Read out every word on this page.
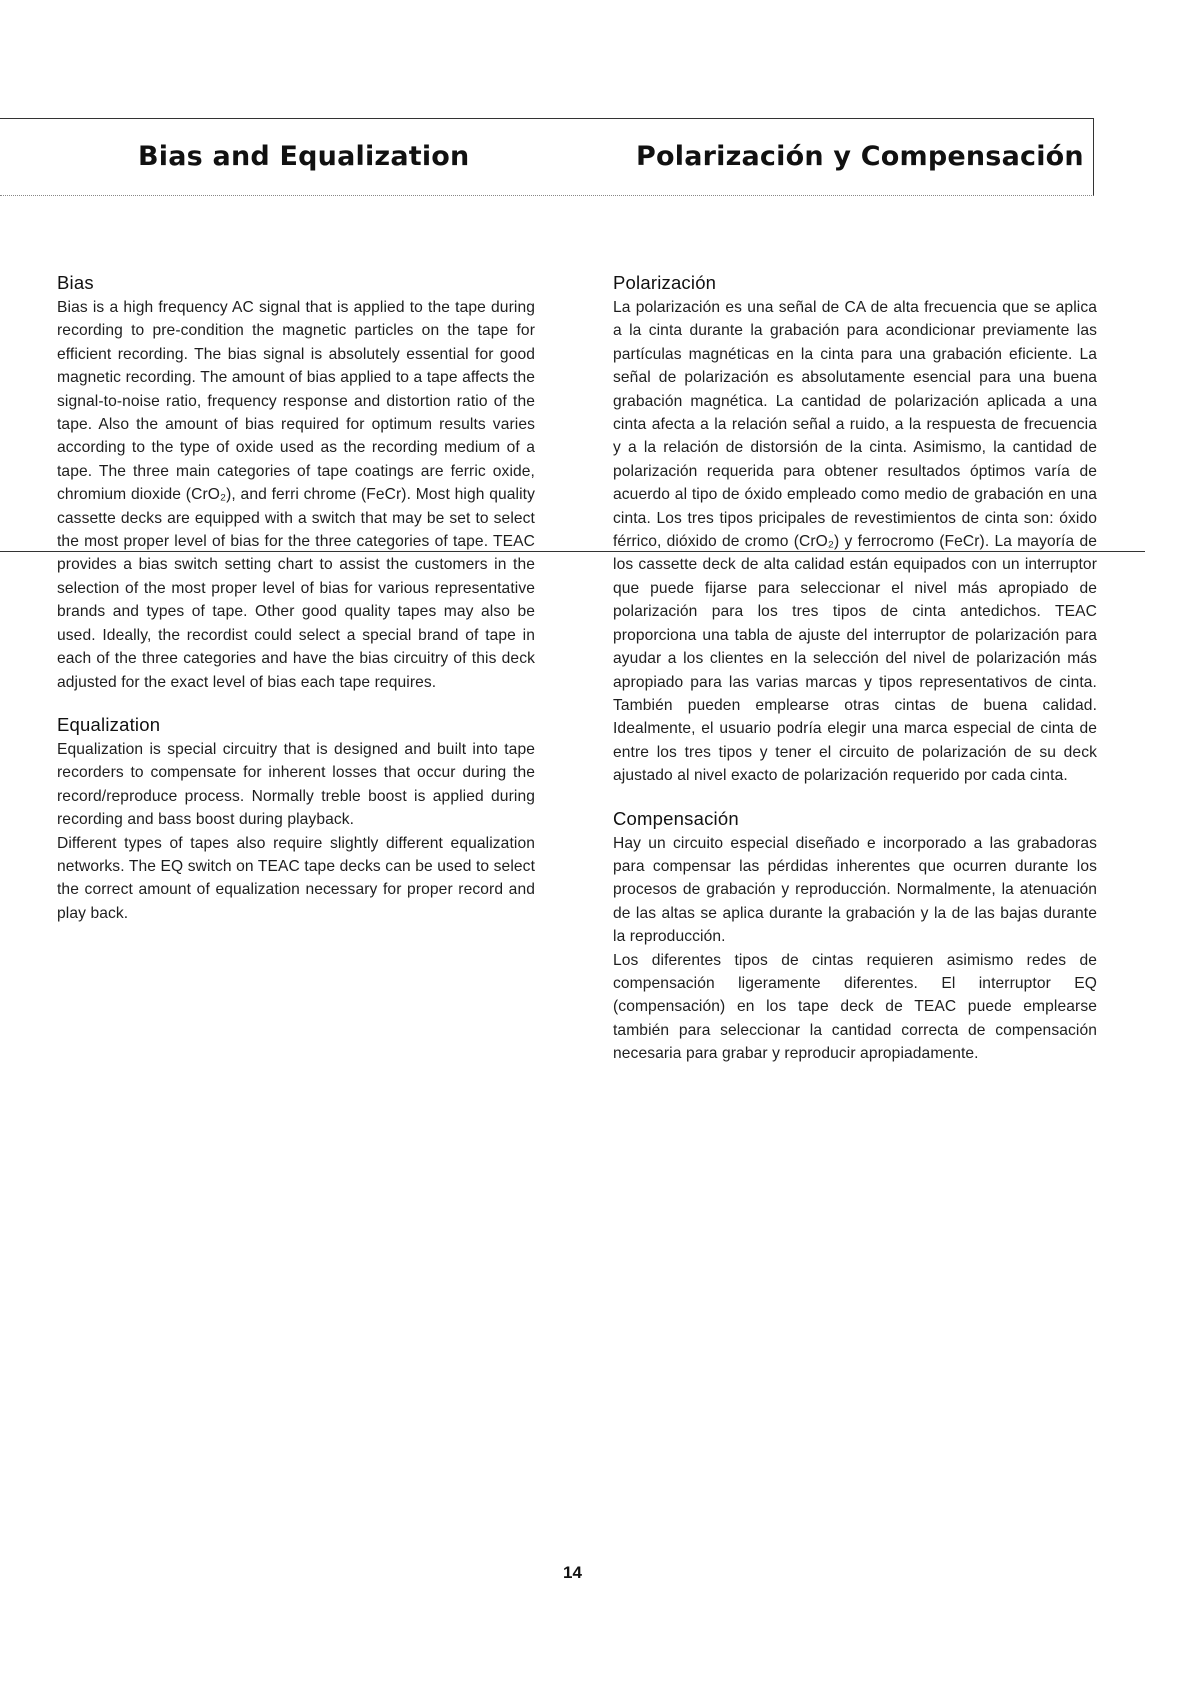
Bias and Equalization	Polarización y Compensación
Bias

Bias is a high frequency AC signal that is applied to the tape during recording to pre-condition the magnetic particles on the tape for efficient recording. The bias signal is absolutely essential for good magnetic recording. The amount of bias applied to a tape affects the signal-to-noise ratio, frequency response and distortion ratio of the tape. Also the amount of bias required for optimum results varies according to the type of oxide used as the recording medium of a tape. The three main categories of tape coatings are ferric oxide, chromium dioxide (CrO₂), and ferri chrome (FeCr). Most high quality cassette decks are equipped with a switch that may be set to select the most proper level of bias for the three categories of tape. TEAC provides a bias switch setting chart to assist the customers in the selection of the most proper level of bias for various representative brands and types of tape. Other good quality tapes may also be used. Ideally, the recordist could select a special brand of tape in each of the three categories and have the bias circuitry of this deck adjusted for the exact level of bias each tape requires.

Equalization

Equalization is special circuitry that is designed and built into tape recorders to compensate for inherent losses that occur during the record/reproduce process. Normally treble boost is applied during recording and bass boost during playback.

Different types of tapes also require slightly different equalization networks. The EQ switch on TEAC tape decks can be used to select the correct amount of equalization necessary for proper record and play back.

Polarización

La polarización es una señal de CA de alta frecuencia que se aplica a la cinta durante la grabación para acondicionar previamente las partículas magnéticas en la cinta para una grabación eficiente. La señal de polarización es absolutamente esencial para una buena grabación magnética. La cantidad de polarización aplicada a una cinta afecta a la relación señal a ruido, a la respuesta de frecuencia y a la relación de distorsión de la cinta. Asimismo, la cantidad de polarización requerida para obtener resultados óptimos varía de acuerdo al tipo de óxido empleado como medio de grabación en una cinta. Los tres tipos pricipales de revestimientos de cinta son: óxido férrico, dióxido de cromo (CrO₂) y ferrocromo (FeCr). La mayoría de los cassette deck de alta calidad están equipados con un interruptor que puede fijarse para seleccionar el nivel más apropiado de polarización para los tres tipos de cinta antedichos. TEAC proporciona una tabla de ajuste del interruptor de polarización para ayudar a los clientes en la selección del nivel de polarización más apropiado para las varias marcas y tipos representativos de cinta. También pueden emplearse otras cintas de buena calidad. Idealmente, el usuario podría elegir una marca especial de cinta de entre los tres tipos y tener el circuito de polarización de su deck ajustado al nivel exacto de polarización requerido por cada cinta.

Compensación

Hay un circuito especial diseñado e incorporado a las grabadoras para compensar las pérdidas inherentes que ocurren durante los procesos de grabación y reproducción. Normalmente, la atenuación de las altas se aplica durante la grabación y la de las bajas durante la reproducción.

Los diferentes tipos de cintas requieren asimismo redes de compensación ligeramente diferentes. El interruptor EQ (compensación) en los tape deck de TEAC puede emplearse también para seleccionar la cantidad correcta de compensación necesaria para grabar y reproducir apropiadamente.

14
